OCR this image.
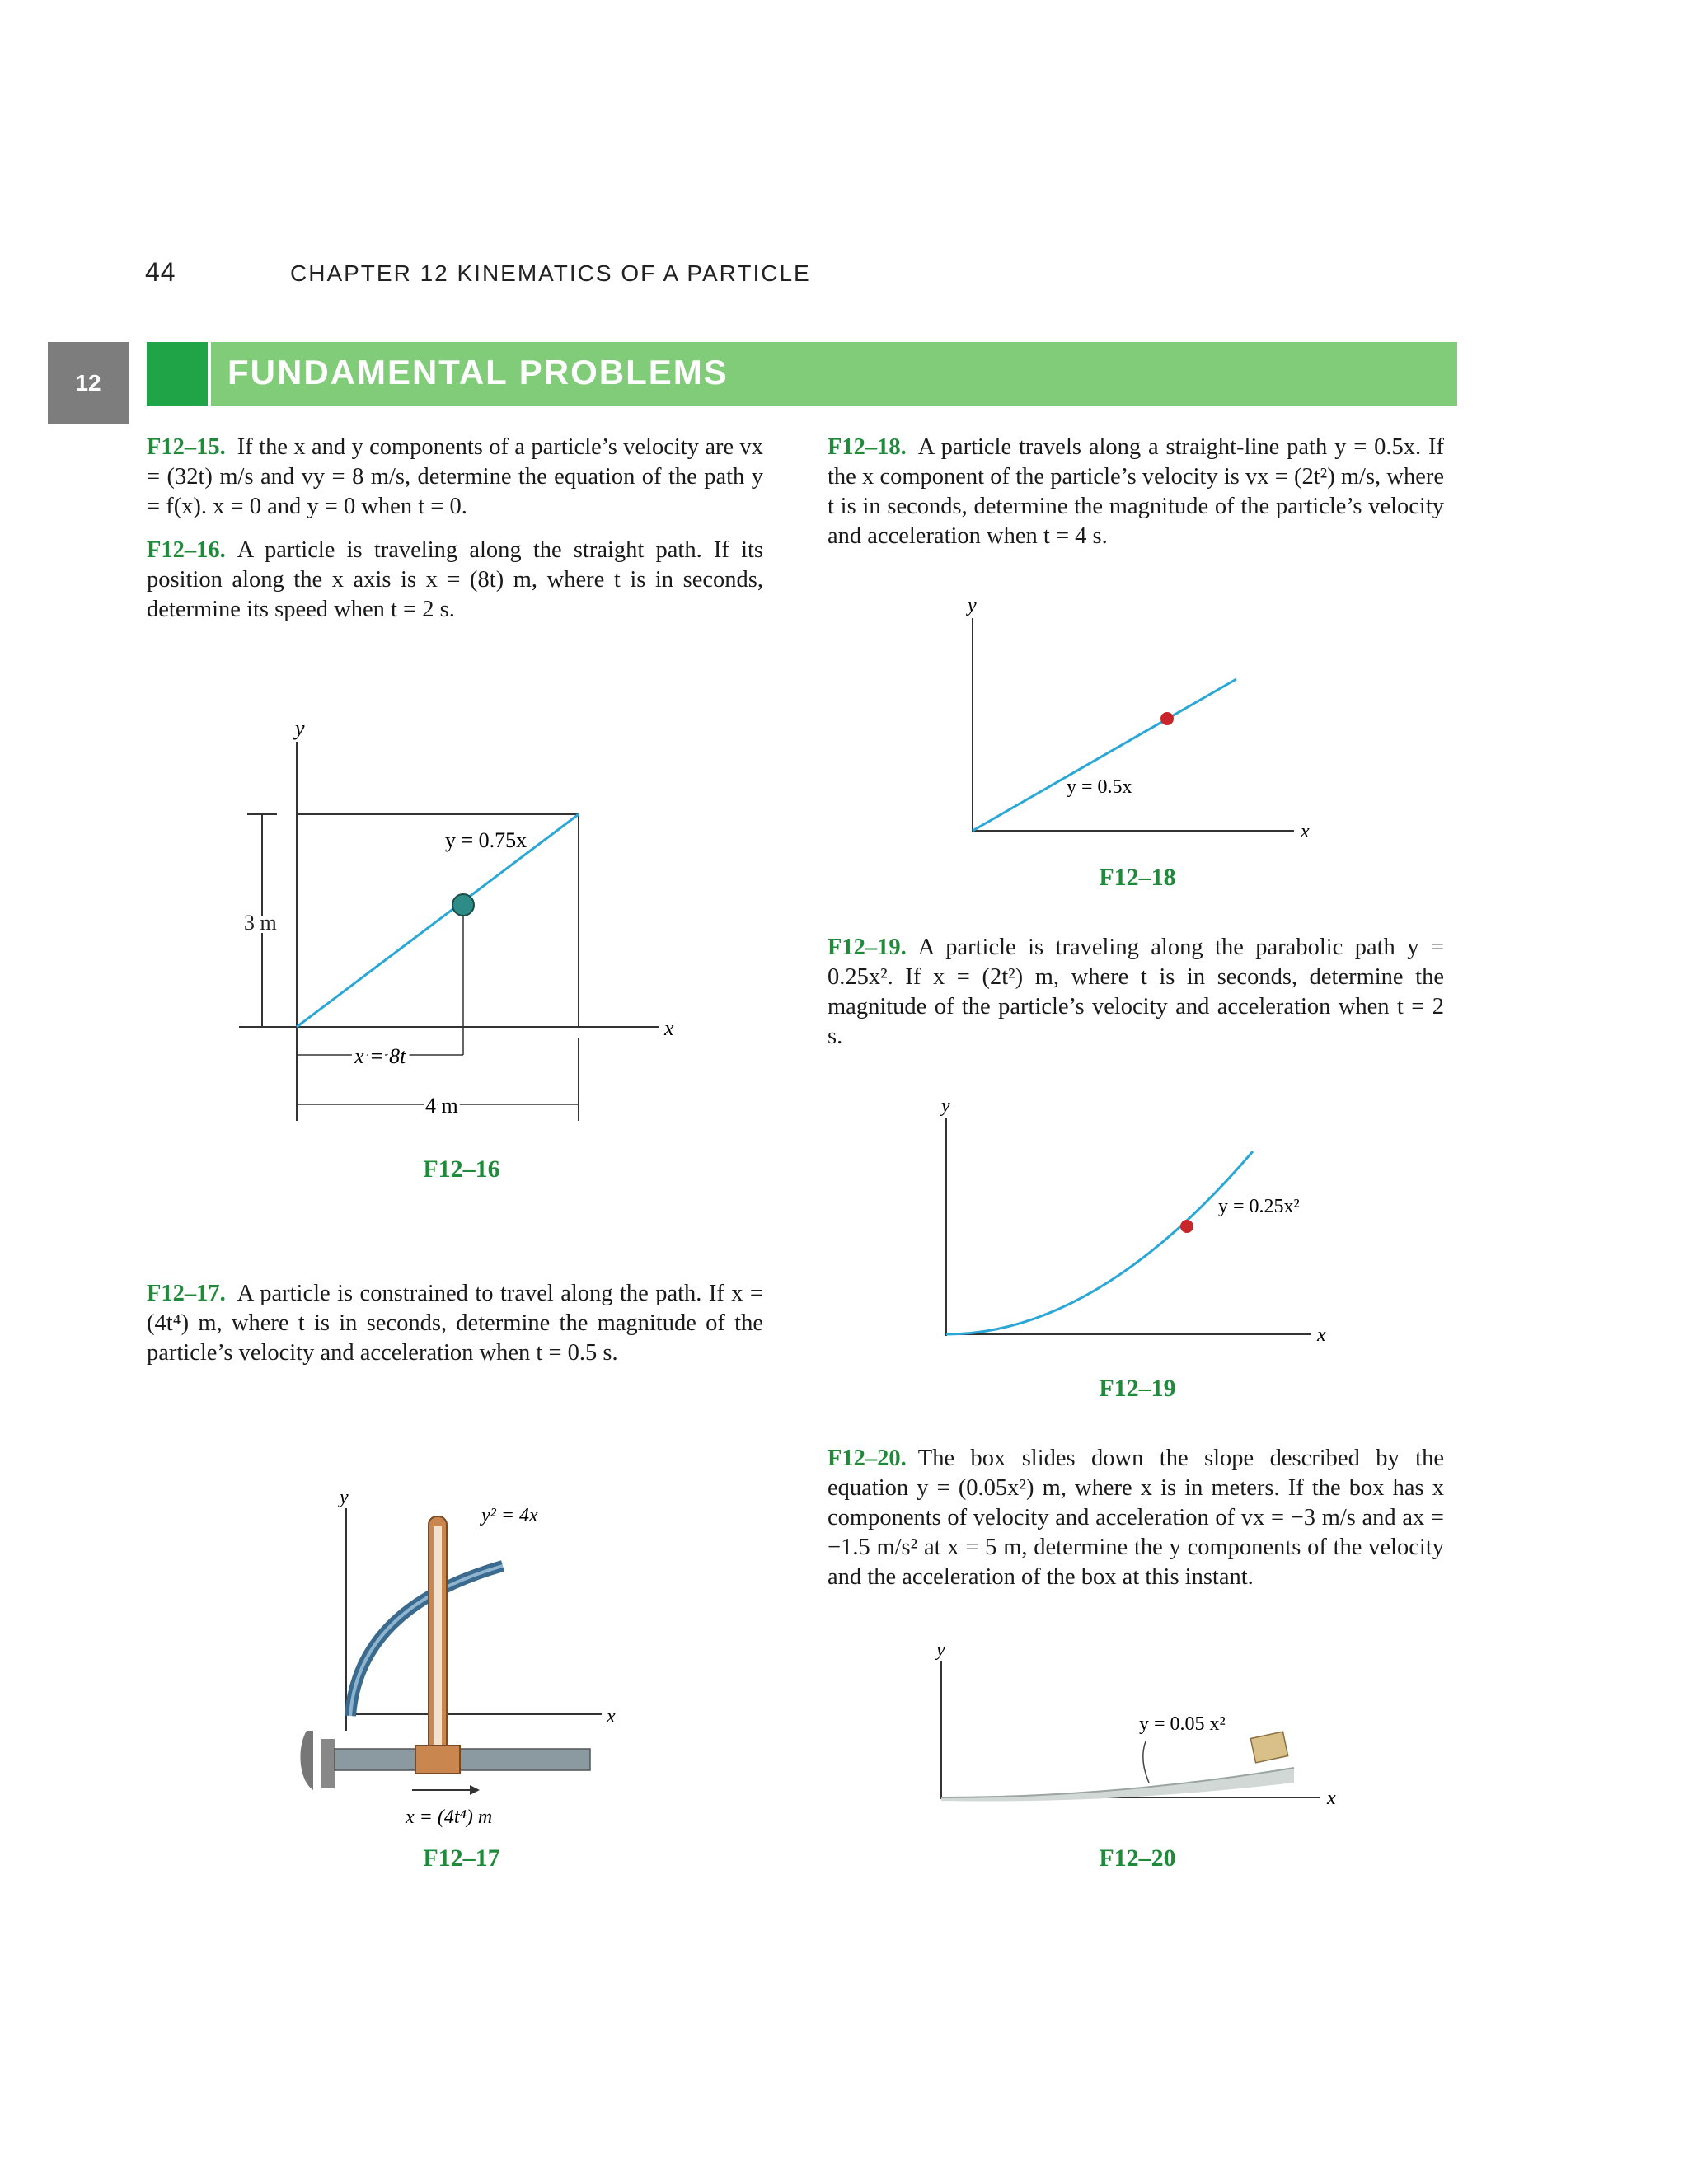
44	CHAPTER 12 KINEMATICS OF A PARTICLE
12	FUNDAMENTAL PROBLEMS
F12–15. If the x and y components of a particle’s velocity are vx = (32t) m/s and vy = 8 m/s, determine the equation of the path y = f(x). x = 0 and y = 0 when t = 0.
F12–16. A particle is traveling along the straight path. If its position along the x axis is x = (8t) m, where t is in seconds, determine its speed when t = 2 s.
F12–17. A particle is constrained to travel along the path. If x = (4t⁴) m, where t is in seconds, determine the magnitude of the particle’s velocity and acceleration when t = 0.5 s.
F12–18. A particle travels along a straight-line path y = 0.5x. If the x component of the particle’s velocity is vx = (2t²) m/s, where t is in seconds, determine the magnitude of the particle’s velocity and acceleration when t = 4 s.
F12–19. A particle is traveling along the parabolic path y = 0.25x². If x = (2t²) m, where t is in seconds, determine the magnitude of the particle’s velocity and acceleration when t = 2 s.
F12–20. The box slides down the slope described by the equation y = (0.05x²) m, where x is in meters. If the box has x components of velocity and acceleration of vx = −3 m/s and ax = −1.5 m/s² at x = 5 m, determine the y components of the velocity and the acceleration of the box at this instant.
y
x
y = 0.75x
3 m
x = 8t
4 m
F12–16
y
x
y² = 4x
x = (4t⁴) m
F12–17
y
x
y = 0.5x
F12–18
y
x
y = 0.25x²
F12–19
y
x
y = 0.05 x²
F12–20
